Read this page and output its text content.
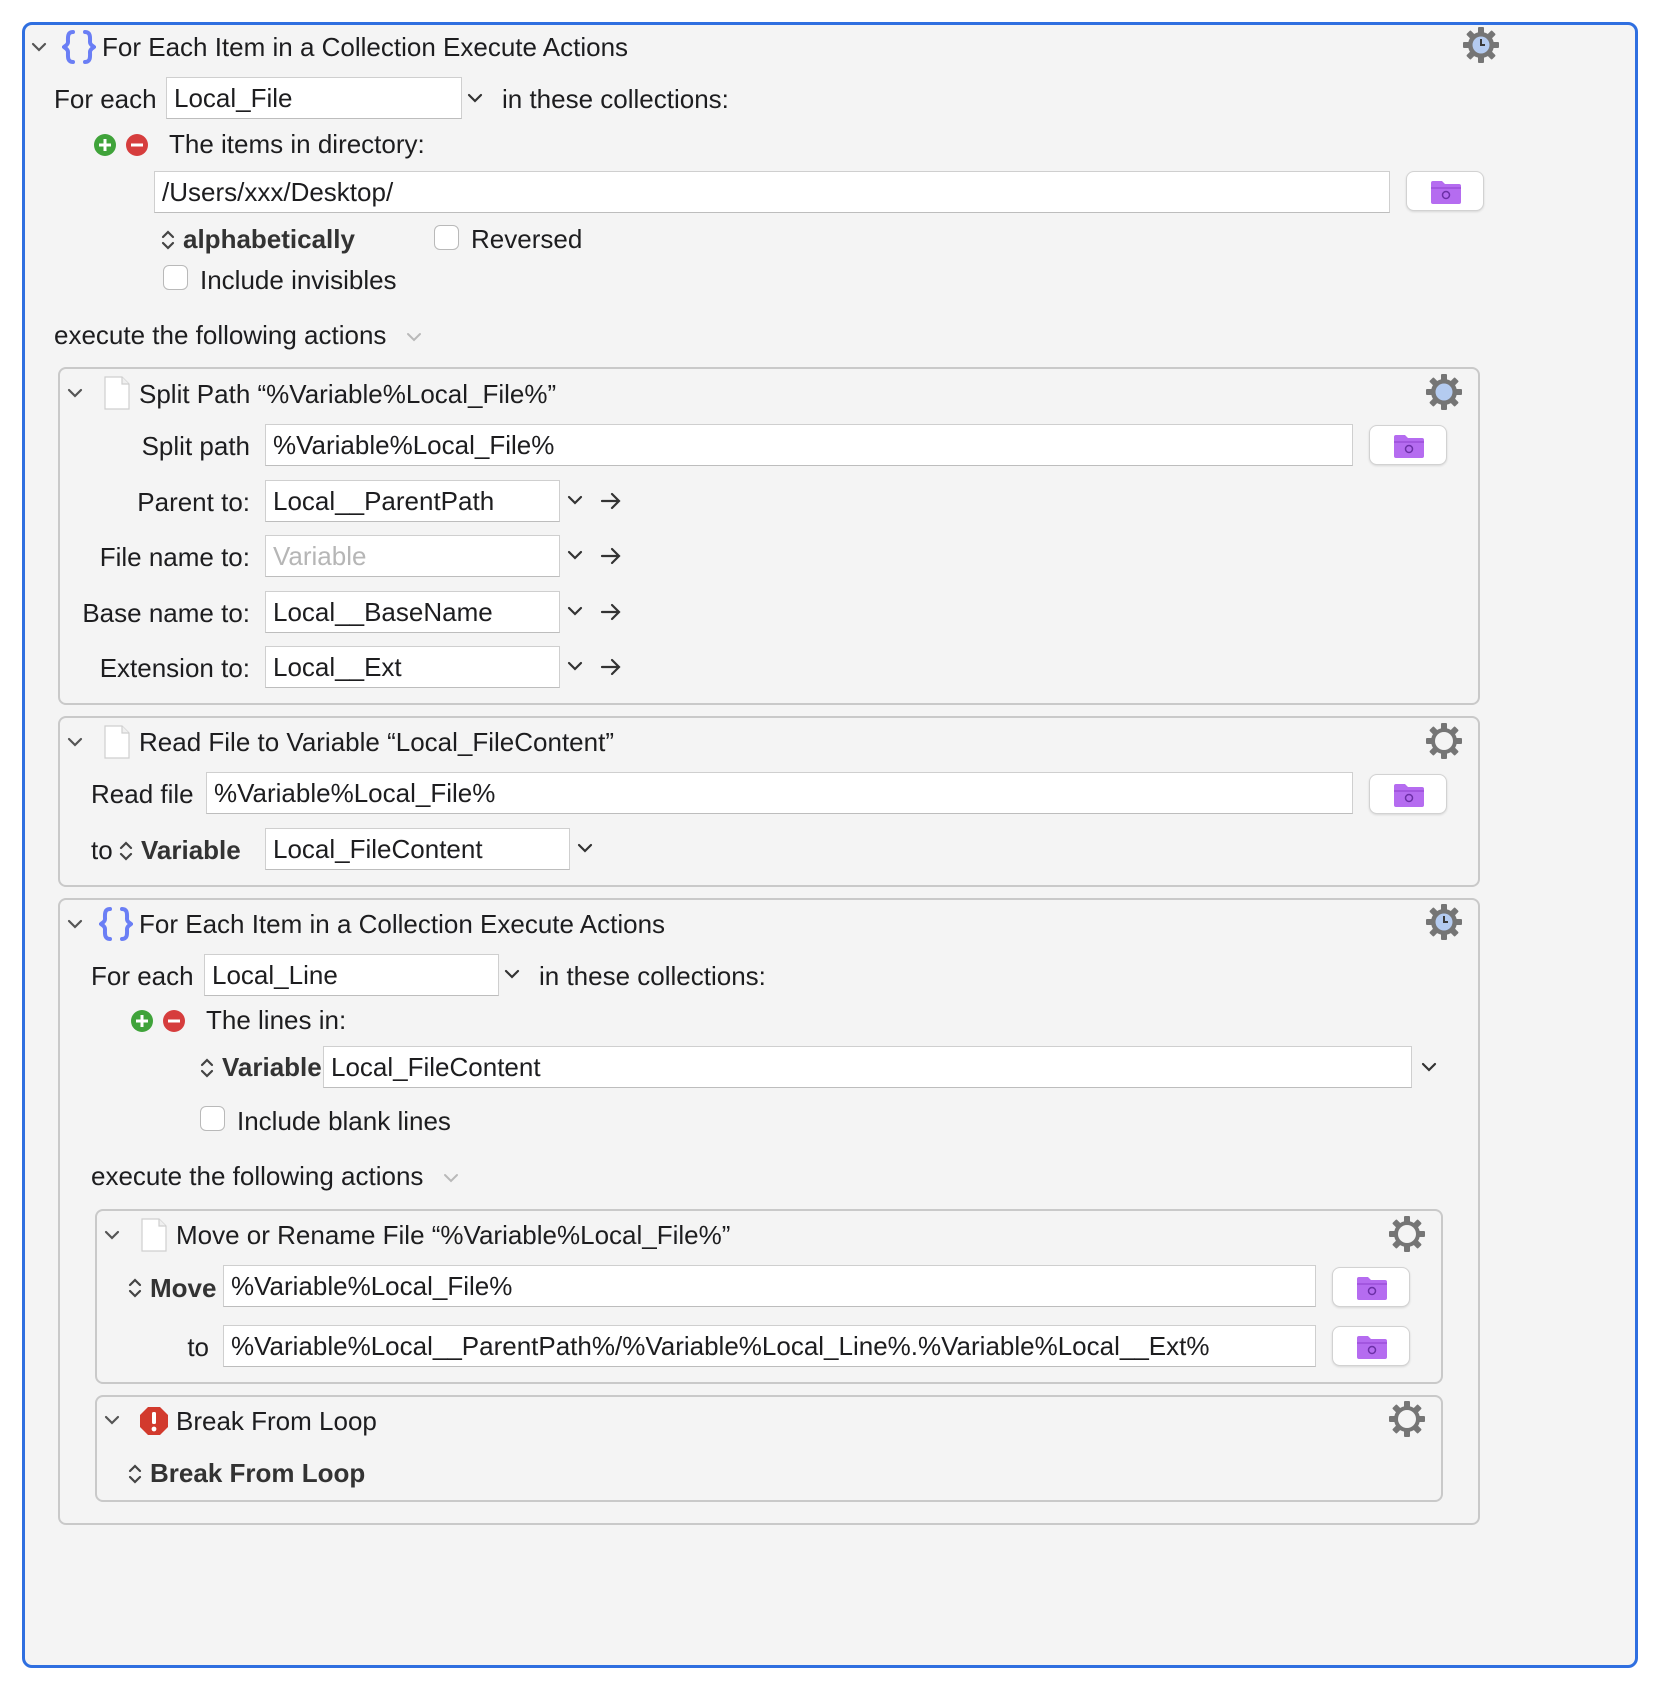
For Each Item in a Collection Execute Actions
For each Local_File	in these collections:
The items in directory:
/Users/xxx/Desktop/
alphabetically	Reversed
Include invisibles
execute the following actions
Split Path “%Variable%Local_File%”
Split path %Variable%Local_File%
Parent to: Local__ParentPath
File name to: Variable
Base name to: Local__BaseName
Extension to: Local__Ext
Read File to Variable “Local_FileContent”
Read file %Variable%Local_File%
to Variable	Local_FileContent
For Each Item in a Collection Execute Actions
For each Local_Line	in these collections:
The lines in:
Variable Local_FileContent
Include blank lines
execute the following actions
Move or Rename File “%Variable%Local_File%”
Move %Variable%Local_File%
to %Variable%Local__ParentPath%/%Variable%Local_Line%.%Variable%Local__Ext%
Break From Loop
Break From Loop
